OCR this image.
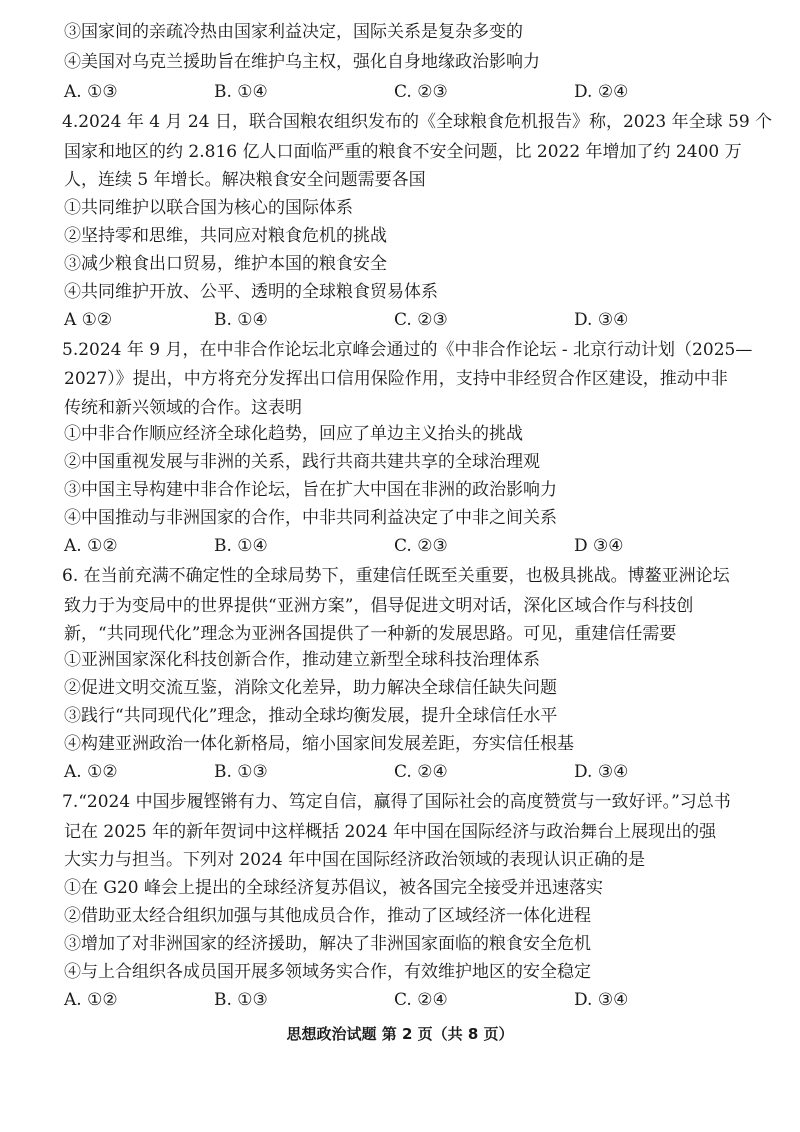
③国家间的亲疏冷热由国家利益决定，国际关系是复杂多变的
④美国对乌克兰援助旨在维护乌主权，强化自身地缘政治影响力
A. ①③	B. ①④	C. ②③	D. ②④
4.2024 年 4 月 24 日，联合国粮农组织发布的《全球粮食危机报告》称，2023 年全球 59 个
国家和地区的约 2.816 亿人口面临严重的粮食不安全问题，比 2022 年增加了约 2400 万
人，连续 5 年增长。解决粮食安全问题需要各国
①共同维护以联合国为核心的国际体系
②坚持零和思维，共同应对粮食危机的挑战
③减少粮食出口贸易，维护本国的粮食安全
④共同维护开放、公平、透明的全球粮食贸易体系
A ①②	B. ①④	C. ②③	D. ③④
5.2024 年 9 月，在中非合作论坛北京峰会通过的《中非合作论坛 - 北京行动计划（2025—
2027）》提出，中方将充分发挥出口信用保险作用，支持中非经贸合作区建设，推动中非
传统和新兴领域的合作。这表明
①中非合作顺应经济全球化趋势，回应了单边主义抬头的挑战
②中国重视发展与非洲的关系，践行共商共建共享的全球治理观
③中国主导构建中非合作论坛，旨在扩大中国在非洲的政治影响力
④中国推动与非洲国家的合作，中非共同利益决定了中非之间关系
A. ①②	B. ①④	C. ②③	D ③④
6. 在当前充满不确定性的全球局势下，重建信任既至关重要，也极具挑战。博鳌亚洲论坛
致力于为变局中的世界提供“亚洲方案”，倡导促进文明对话，深化区域合作与科技创
新，“共同现代化”理念为亚洲各国提供了一种新的发展思路。可见，重建信任需要
①亚洲国家深化科技创新合作，推动建立新型全球科技治理体系
②促进文明交流互鉴，消除文化差异，助力解决全球信任缺失问题
③践行“共同现代化”理念，推动全球均衡发展，提升全球信任水平
④构建亚洲政治一体化新格局，缩小国家间发展差距，夯实信任根基
A. ①②	B. ①③	C. ②④	D. ③④
7.“2024 中国步履铿锵有力、笃定自信，赢得了国际社会的高度赞赏与一致好评。”习总书
记在 2025 年的新年贺词中这样概括 2024 年中国在国际经济与政治舞台上展现出的强
大实力与担当。下列对 2024 年中国在国际经济政治领域的表现认识正确的是
①在 G20 峰会上提出的全球经济复苏倡议，被各国完全接受并迅速落实
②借助亚太经合组织加强与其他成员合作，推动了区域经济一体化进程
③增加了对非洲国家的经济援助，解决了非洲国家面临的粮食安全危机
④与上合组织各成员国开展多领域务实合作，有效维护地区的安全稳定
A. ①②	B. ①③	C. ②④	D. ③④
思想政治试题 第 2 页（共 8 页）
